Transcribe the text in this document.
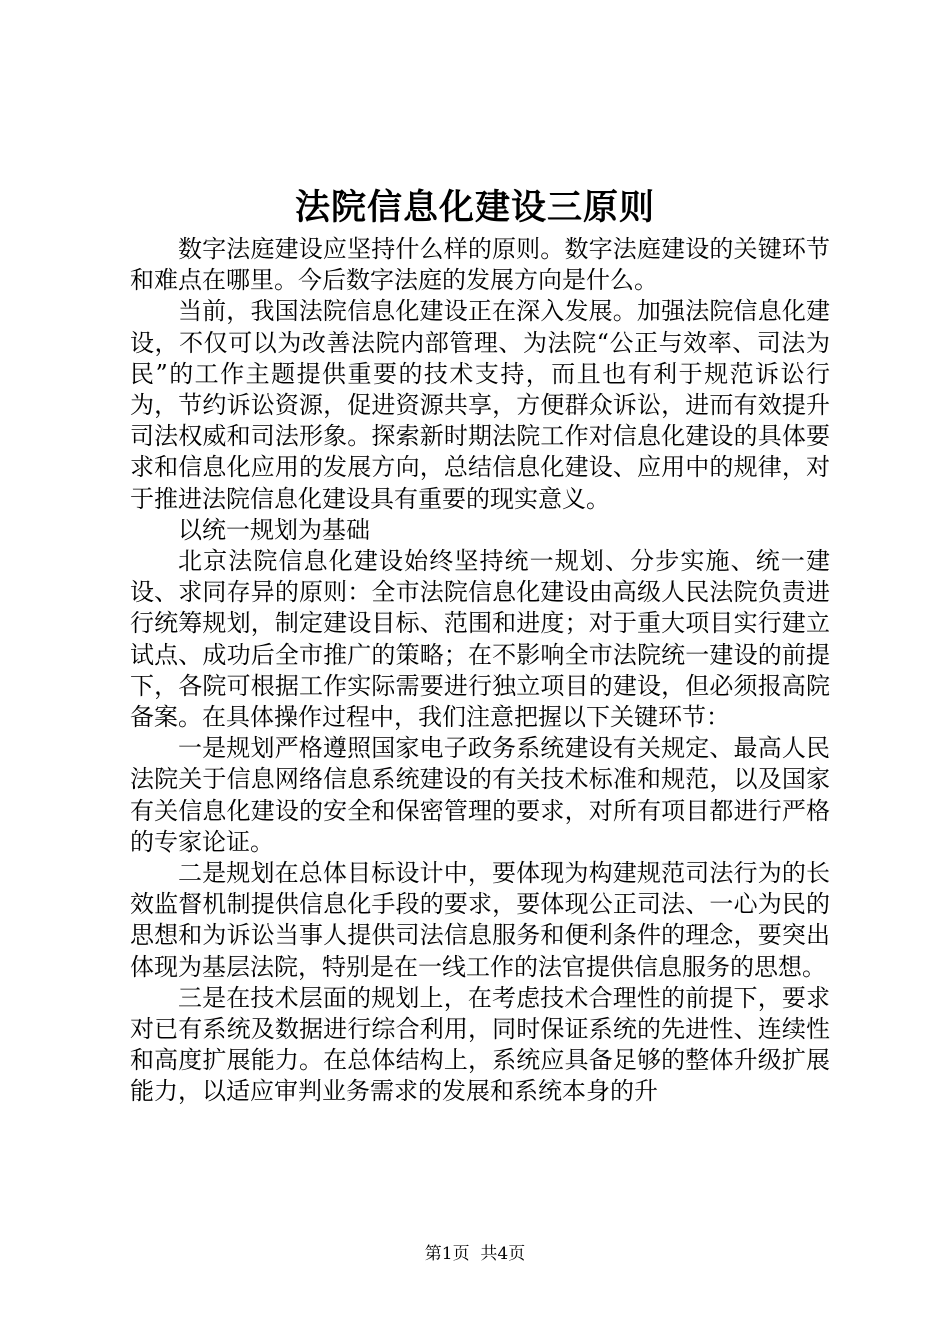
法院信息化建设三原则

数字法庭建设应坚持什么样的原则。数字法庭建设的关键环节和难点在哪里。今后数字法庭的发展方向是什么。

当前，我国法院信息化建设正在深入发展。加强法院信息化建设，不仅可以为改善法院内部管理、为法院“公正与效率、司法为民”的工作主题提供重要的技术支持，而且也有利于规范诉讼行为，节约诉讼资源，促进资源共享，方便群众诉讼，进而有效提升司法权威和司法形象。探索新时期法院工作对信息化建设的具体要求和信息化应用的发展方向，总结信息化建设、应用中的规律，对于推进法院信息化建设具有重要的现实意义。

以统一规划为基础

北京法院信息化建设始终坚持统一规划、分步实施、统一建设、求同存异的原则：全市法院信息化建设由高级人民法院负责进行统筹规划，制定建设目标、范围和进度；对于重大项目实行建立试点、成功后全市推广的策略；在不影响全市法院统一建设的前提下，各院可根据工作实际需要进行独立项目的建设，但必须报高院备案。在具体操作过程中，我们注意把握以下关键环节：

一是规划严格遵照国家电子政务系统建设有关规定、最高人民法院关于信息网络信息系统建设的有关技术标准和规范，以及国家有关信息化建设的安全和保密管理的要求，对所有项目都进行严格的专家论证。

二是规划在总体目标设计中，要体现为构建规范司法行为的长效监督机制提供信息化手段的要求，要体现公正司法、一心为民的思想和为诉讼当事人提供司法信息服务和便利条件的理念，要突出体现为基层法院，特别是在一线工作的法官提供信息服务的思想。

三是在技术层面的规划上，在考虑技术合理性的前提下，要求对已有系统及数据进行综合利用，同时保证系统的先进性、连续性和高度扩展能力。在总体结构上，系统应具备足够的整体升级扩展能力，以适应审判业务需求的发展和系统本身的升

第1页  共4页
